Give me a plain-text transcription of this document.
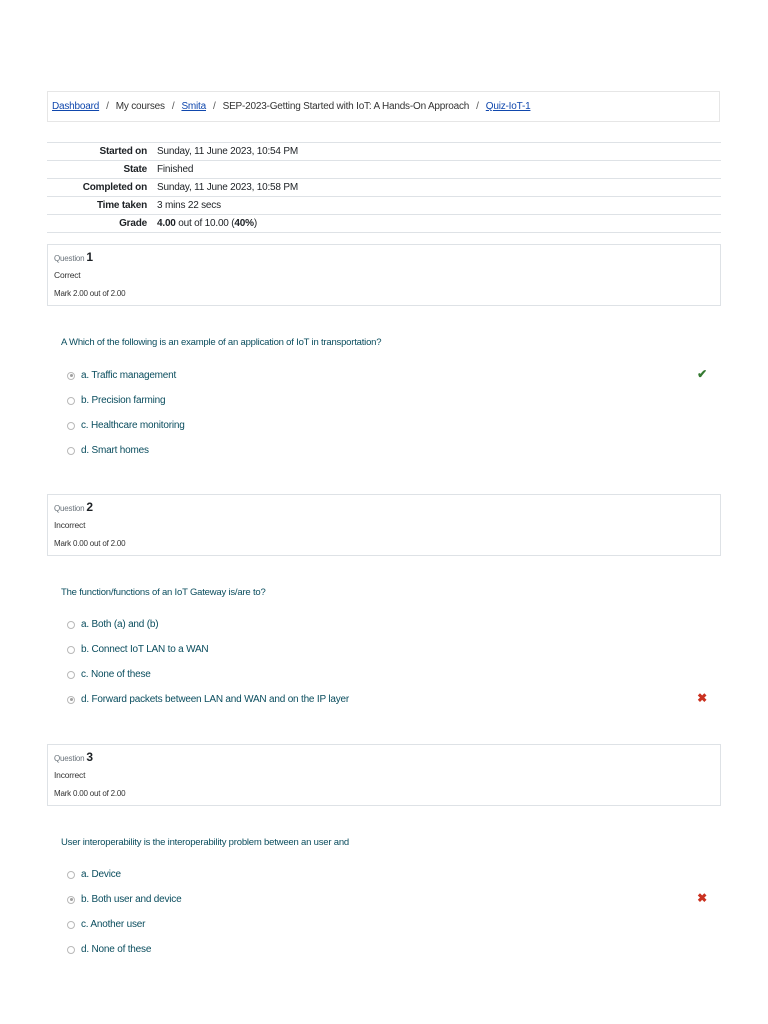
Dashboard / My courses / Smita / SEP-2023-Getting Started with IoT: A Hands-On Approach / Quiz-IoT-1
Started on	Sunday, 11 June 2023, 10:54 PM
State	Finished
Completed on	Sunday, 11 June 2023, 10:58 PM
Time taken	3 mins 22 secs
Grade	4.00 out of 10.00 (40%)
Question 1
Correct
Mark 2.00 out of 2.00
A Which of the following is an example of an application of IoT in transportation?
a. Traffic management	✔
b. Precision farming
c. Healthcare monitoring
d. Smart homes
Question 2
Incorrect
Mark 0.00 out of 2.00
The function/functions of an IoT Gateway is/are to?
a. Both (a) and (b)
b. Connect IoT LAN to a WAN
c. None of these
d. Forward packets between LAN and WAN and on the IP layer	✖
Question 3
Incorrect
Mark 0.00 out of 2.00
User interoperability is the interoperability problem between an user and
a. Device
b. Both user and device	✖
c. Another user
d. None of these
